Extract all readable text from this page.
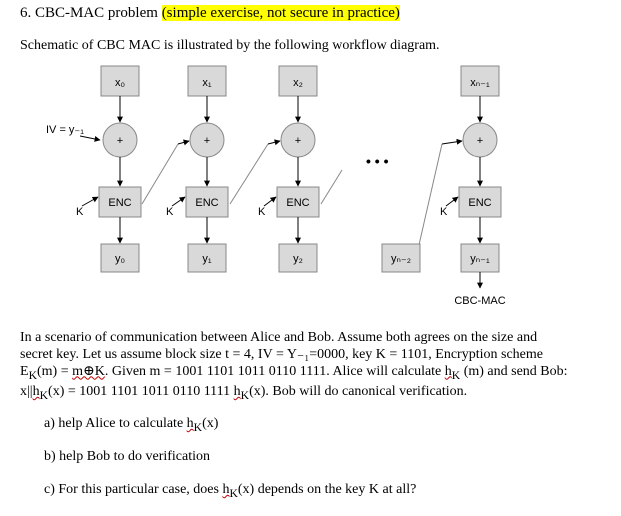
6. CBC-MAC problem (simple exercise, not secure in practice)
Schematic of CBC MAC is illustrated by the following workflow diagram.
x₀	x₁	x₂	xₙ₋₁
IV = y₋₁
+	+	+	+
• • •
ENC	ENC	ENC	ENC
K	K	K	K
y₀	y₁	y₂	yₙ₋₂	yₙ₋₁
CBC-MAC

In a scenario of communication between Alice and Bob. Assume both agrees on the size and

secret key. Let us assume block size t = 4, IV = Y₋₁=0000, key K = 1101, Encryption scheme

$E_K(m)$ = m⊕K. Given m = 1001 1101 1011 0110 1111. Alice will calculate $h_K$ (m) and send Bob:

$x||h_K(x) = 1001$ 1101 1011 0110 1111 $h_K(x)$. Bob will do canonical verification.

a) help Alice to calculate $h_K(x)$
b) help Bob to do verification
c) For this particular case, does $h_K(x)$ depends on the key K at all?
